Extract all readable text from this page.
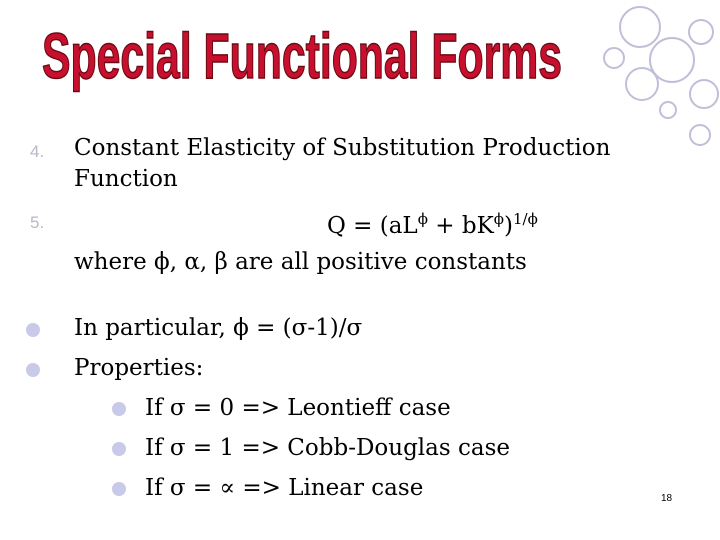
Special Functional Forms
4. Constant Elasticity of Substitution Production
Function
5.	$Q = (aL^\phi + bK^\phi)^{1/\phi}$
where ϕ, α, β are all positive constants
In particular, ϕ = (σ-1)/σ
Properties:
If σ = 0 => Leontieff case
If σ = 1 => Cobb-Douglas case
If σ = ∝ => Linear case	18
